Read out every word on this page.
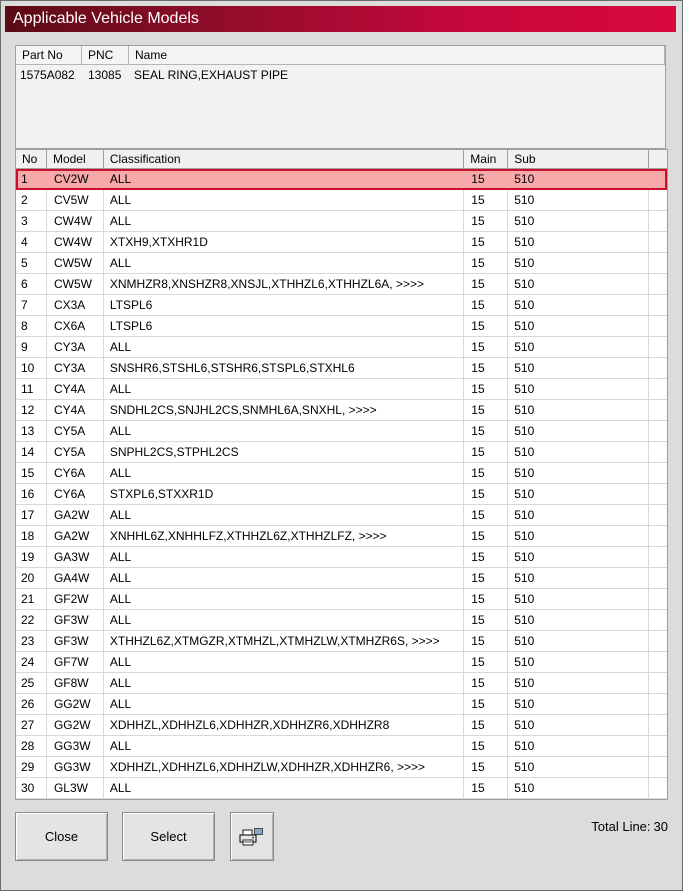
Applicable Vehicle Models
Part No	PNC	Name
1575A082	13085	SEAL RING,EXHAUST PIPE
No	Model	Classification	Main	Sub
1	CV2W	ALL	15	510
2	CV5W	ALL	15	510
3	CW4W	ALL	15	510
4	CW4W	XTXH9,XTXHR1D	15	510
5	CW5W	ALL	15	510
6	CW5W	XNMHZR8,XNSHZR8,XNSJL,XTHHZL6,XTHHZL6A, >>>>	15	510
7	CX3A	LTSPL6	15	510
8	CX6A	LTSPL6	15	510
9	CY3A	ALL	15	510
10	CY3A	SNSHR6,STSHL6,STSHR6,STSPL6,STXHL6	15	510
11	CY4A	ALL	15	510
12	CY4A	SNDHL2CS,SNJHL2CS,SNMHL6A,SNXHL, >>>>	15	510
13	CY5A	ALL	15	510
14	CY5A	SNPHL2CS,STPHL2CS	15	510
15	CY6A	ALL	15	510
16	CY6A	STXPL6,STXXR1D	15	510
17	GA2W	ALL	15	510
18	GA2W	XNHHL6Z,XNHHLFZ,XTHHZL6Z,XTHHZLFZ, >>>>	15	510
19	GA3W	ALL	15	510
20	GA4W	ALL	15	510
21	GF2W	ALL	15	510
22	GF3W	ALL	15	510
23	GF3W	XTHHZL6Z,XTMGZR,XTMHZL,XTMHZLW,XTMHZR6S, >>>>	15	510
24	GF7W	ALL	15	510
25	GF8W	ALL	15	510
26	GG2W	ALL	15	510
27	GG2W	XDHHZL,XDHHZL6,XDHHZR,XDHHZR6,XDHHZR8	15	510
28	GG3W	ALL	15	510
29	GG3W	XDHHZL,XDHHZL6,XDHHZLW,XDHHZR,XDHHZR6, >>>>	15	510
30	GL3W	ALL	15	510
Close	Select
Total Line: 30
